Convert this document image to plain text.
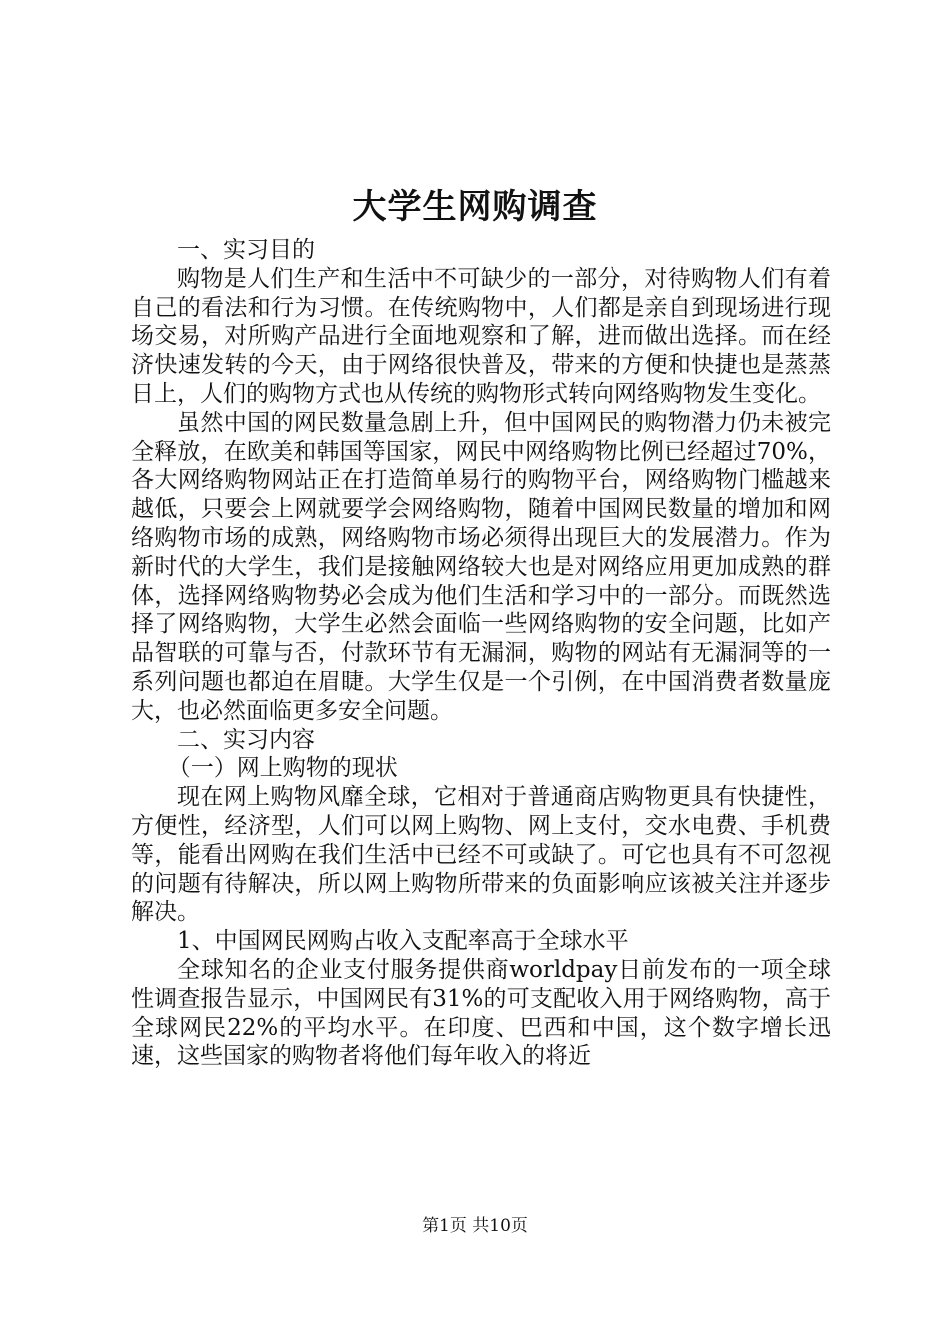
大学生网购调查

一、实习目的

购物是人们生产和生活中不可缺少的一部分，对待购物人们有着自己的看法和行为习惯。在传统购物中，人们都是亲自到现场进行现场交易，对所购产品进行全面地观察和了解，进而做出选择。而在经济快速发转的今天，由于网络很快普及，带来的方便和快捷也是蒸蒸日上，人们的购物方式也从传统的购物形式转向网络购物发生变化。

虽然中国的网民数量急剧上升，但中国网民的购物潜力仍未被完全释放，在欧美和韩国等国家，网民中网络购物比例已经超过70%，各大网络购物网站正在打造简单易行的购物平台，网络购物门槛越来越低，只要会上网就要学会网络购物，随着中国网民数量的增加和网络购物市场的成熟，网络购物市场必须得出现巨大的发展潜力。作为新时代的大学生，我们是接触网络较大也是对网络应用更加成熟的群体，选择网络购物势必会成为他们生活和学习中的一部分。而既然选择了网络购物，大学生必然会面临一些网络购物的安全问题，比如产品智联的可靠与否，付款环节有无漏洞，购物的网站有无漏洞等的一系列问题也都迫在眉睫。大学生仅是一个引例，在中国消费者数量庞大，也必然面临更多安全问题。

二、实习内容

（一）网上购物的现状

现在网上购物风靡全球，它相对于普通商店购物更具有快捷性，方便性，经济型，人们可以网上购物、网上支付，交水电费、手机费等，能看出网购在我们生活中已经不可或缺了。可它也具有不可忽视的问题有待解决，所以网上购物所带来的负面影响应该被关注并逐步解决。

1、中国网民网购占收入支配率高于全球水平

全球知名的企业支付服务提供商worldpay日前发布的一项全球性调查报告显示，中国网民有31%的可支配收入用于网络购物，高于全球网民22%的平均水平。在印度、巴西和中国，这个数字增长迅速，这些国家的购物者将他们每年收入的将近

第1页 共10页
